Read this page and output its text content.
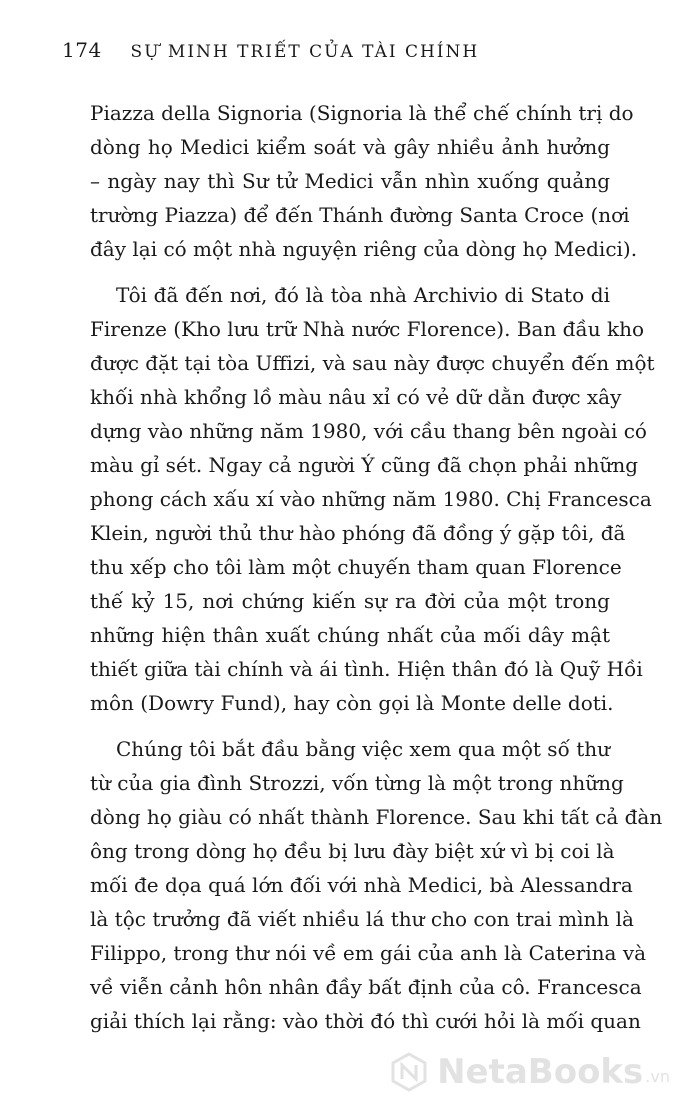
174 SỰ MINH TRIẾT CỦA TÀI CHÍNH
Piazza della Signoria (Signoria là thể chế chính trị do
dòng họ Medici kiểm soát và gây nhiều ảnh hưởng
– ngày nay thì Sư tử Medici vẫn nhìn xuống quảng
trường Piazza) để đến Thánh đường Santa Croce (nơi
đây lại có một nhà nguyện riêng của dòng họ Medici).
Tôi đã đến nơi, đó là tòa nhà Archivio di Stato di
Firenze (Kho lưu trữ Nhà nước Florence). Ban đầu kho
được đặt tại tòa Uffizi, và sau này được chuyển đến một
khối nhà khổng lồ màu nâu xỉ có vẻ dữ dằn được xây
dựng vào những năm 1980, với cầu thang bên ngoài có
màu gỉ sét. Ngay cả người Ý cũng đã chọn phải những
phong cách xấu xí vào những năm 1980. Chị Francesca
Klein, người thủ thư hào phóng đã đồng ý gặp tôi, đã
thu xếp cho tôi làm một chuyến tham quan Florence
thế kỷ 15, nơi chứng kiến sự ra đời của một trong
những hiện thân xuất chúng nhất của mối dây mật
thiết giữa tài chính và ái tình. Hiện thân đó là Quỹ Hồi
môn (Dowry Fund), hay còn gọi là Monte delle doti.
Chúng tôi bắt đầu bằng việc xem qua một số thư
từ của gia đình Strozzi, vốn từng là một trong những
dòng họ giàu có nhất thành Florence. Sau khi tất cả đàn
ông trong dòng họ đều bị lưu đày biệt xứ vì bị coi là
mối đe dọa quá lớn đối với nhà Medici, bà Alessandra
là tộc trưởng đã viết nhiều lá thư cho con trai mình là
Filippo, trong thư nói về em gái của anh là Caterina và
về viễn cảnh hôn nhân đầy bất định của cô. Francesca
giải thích lại rằng: vào thời đó thì cưới hỏi là mối quan
NetaBooks .vn
